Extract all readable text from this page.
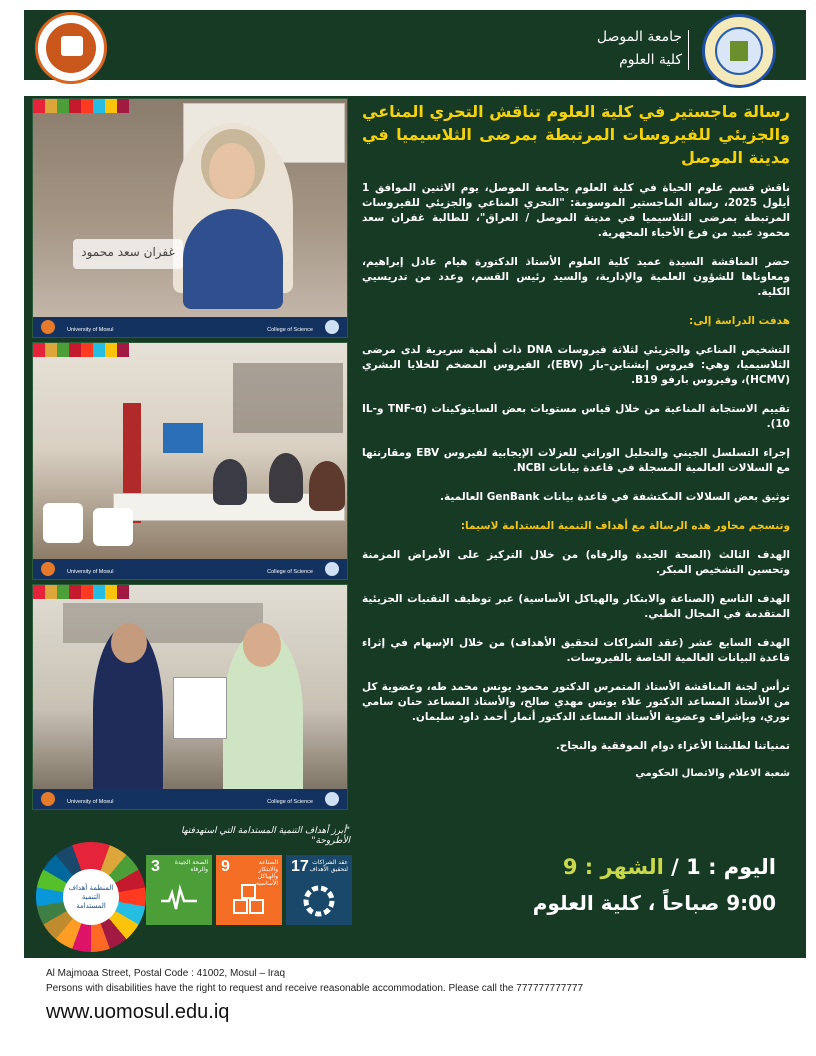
جامعة الموصل
كلية العلوم
غفران سعد محمود
University of Mosul	College of Science
University of Mosul	College of Science
University of Mosul	College of Science
رسالة ماجستير في كلية العلوم تناقش التحري المناعي والجزيئي للفيروسات المرتبطة بمرضى الثلاسيميا في مدينة الموصل
ناقش قسم علوم الحياة في كلية العلوم بجامعة الموصل، يوم الاثنين الموافق 1 أيلول 2025، رسالة الماجستير الموسومة: "التحري المناعي والجزيئي للفيروسات المرتبطة بمرضى الثلاسيميا في مدينة الموصل / العراق"، للطالبة غفران سعد محمود عبيد من فرع الأحياء المجهرية.
حضر المناقشة السيدة عميد كلية العلوم الأستاذ الدكتورة هيام عادل إبراهيم، ومعاوناها للشؤون العلمية والإدارية، والسيد رئيس القسم، وعدد من تدريسيي الكلية.
هدفت الدراسة إلى:
التشخيص المناعي والجزيئي لثلاثة فيروسات DNA ذات أهمية سريرية لدى مرضى الثلاسيميا، وهي: فيروس إبشتاين–بار (EBV)، الفيروس المضخم للخلايا البشري (HCMV)، وفيروس بارفو B19.
تقييم الاستجابة المناعية من خلال قياس مستويات بعض السايتوكينات (TNF-α وIL-10).
إجراء التسلسل الجيني والتحليل الوراثي للعزلات الإيجابية لفيروس EBV ومقارنتها مع السلالات العالمية المسجلة في قاعدة بيانات NCBI.
توثيق بعض السلالات المكتشفة في قاعدة بيانات GenBank العالمية.
وتنسجم محاور هذه الرسالة مع أهداف التنمية المستدامة لاسيما:
الهدف الثالث (الصحة الجيدة والرفاه) من خلال التركيز على الأمراض المزمنة وتحسين التشخيص المبكر.
الهدف التاسع (الصناعة والابتكار والهياكل الأساسية) عبر توظيف التقنيات الجزيئية المتقدمة في المجال الطبي.
الهدف السابع عشر (عقد الشراكات لتحقيق الأهداف) من خلال الإسهام في إثراء قاعدة البيانات العالمية الخاصة بالفيروسات.
ترأس لجنة المناقشة الأستاذ المتمرس الدكتور محمود يونس محمد طه، وعضوية كل من الأستاذ المساعد الدكتور علاء يونس مهدي صالح، والأستاذ المساعد حنان سامي نوري، وبإشراف وعضوية الأستاذ المساعد الدكتور أنمار أحمد داود سليمان.
تمنياتنا لطلبتنا الأعزاء دوام الموفقية والنجاح.
شعبة الاعلام والاتصال الحكومي
اليوم : 1 / الشهر : 9
9:00 صباحاً ، كلية العلوم
"أبرز أهداف التنمية المستدامة التي استهدفتها الأطروحة"
المنظمة أهداف التنمية المستدامة
3	الصحة الجيدة والرفاه 9	الصناعة والابتكار والهياكل الأساسية
17 عقد الشراكات لتحقيق الأهداف
Al Majmoaa Street, Postal Code : 41002, Mosul – Iraq
Persons with disabilities have the right to request and receive reasonable accommodation. Please call the 777777777777
www.uomosul.edu.iq
